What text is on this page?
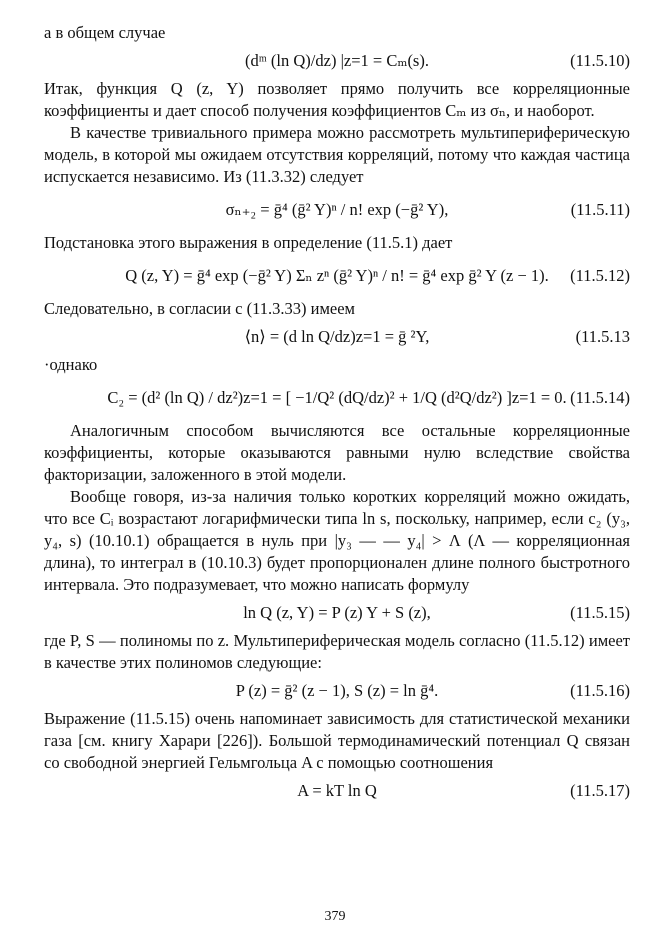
а в общем случае

(dᵐ (ln Q)/dz) |z=1 = Cₘ(s).	(11.5.10)

Итак, функция Q (z, Y) позволяет прямо получить все корреляционные коэффициенты и дает способ получения коэффициентов Cₘ из σₙ, и наоборот.

В качестве тривиального примера можно рассмотреть мультипериферическую модель, в которой мы ожидаем отсутствия корреляций, потому что каждая частица испускается независимо. Из (11.3.32) следует

σₙ₊₂ = ḡ⁴ (ḡ² Y)ⁿ / n! exp (−ḡ² Y),	(11.5.11)

Подстановка этого выражения в определение (11.5.1) дает

Q (z, Y) = ḡ⁴ exp (−ḡ² Y) Σₙ zⁿ (ḡ² Y)ⁿ / n! = ḡ⁴ exp ḡ² Y (z − 1). (11.5.12)

Следовательно, в согласии с (11.3.33) имеем

⟨n⟩ = (d ln Q/dz)z=1 = ḡ ²Y,	(11.5.13

·однако

C₂ = (d² (ln Q) / dz²)z=1 = [ −1/Q² (dQ/dz)² + 1/Q (d²Q/dz²) ]z=1 = 0. (11.5.14)

Аналогичным способом вычисляются все остальные корреляционные коэффициенты, которые оказываются равными нулю вследствие свойства факторизации, заложенного в этой модели.

Вообще говоря, из-за наличия только коротких корреляций можно ожидать, что все Cᵢ возрастают логарифмически типа ln s, поскольку, например, если c₂ (y₃, y₄, s) (10.10.1) обращается в нуль при |y₃ — — y₄| > Λ (Λ — корреляционная длина), то интеграл в (10.10.3) будет пропорционален длине полного быстротного интервала. Это подразумевает, что можно написать формулу

ln Q (z, Y) = P (z) Y + S (z),	(11.5.15)

где P, S — полиномы по z. Мультипериферическая модель согласно (11.5.12) имеет в качестве этих полиномов следующие:

P (z) = ḡ² (z − 1), S (z) = ln ḡ⁴.	(11.5.16)

Выражение (11.5.15) очень напоминает зависимость для статистической механики газа [см. книгу Харари [226]). Большой термодинамический потенциал Q связан со свободной энергией Гельмгольца A с помощью соотношения

A = kT ln Q	(11.5.17)
379
